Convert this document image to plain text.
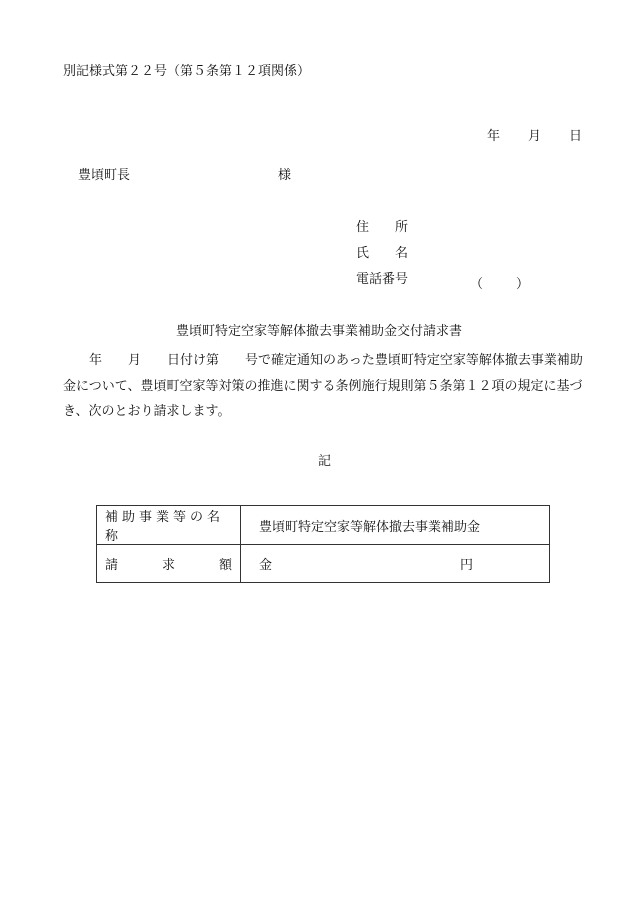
別記様式第２２号（第５条第１２項関係）

年 月 日

豊頃町長	様

住　　所

氏　　名

電話番号	（	）
豊頃町特定空家等解体撤去事業補助金交付請求書
　　年　　月　　日付け第　　号で確定通知のあった豊頃町特定空家等解体撤去事業補助金について、豊頃町空家等対策の推進に関する条例施行規則第５条第１２項の規定に基づき、次のとおり請求します。
記
補助事業等の名称	豊頃町特定空家等解体撤去事業補助金

請 求 額	金 円
